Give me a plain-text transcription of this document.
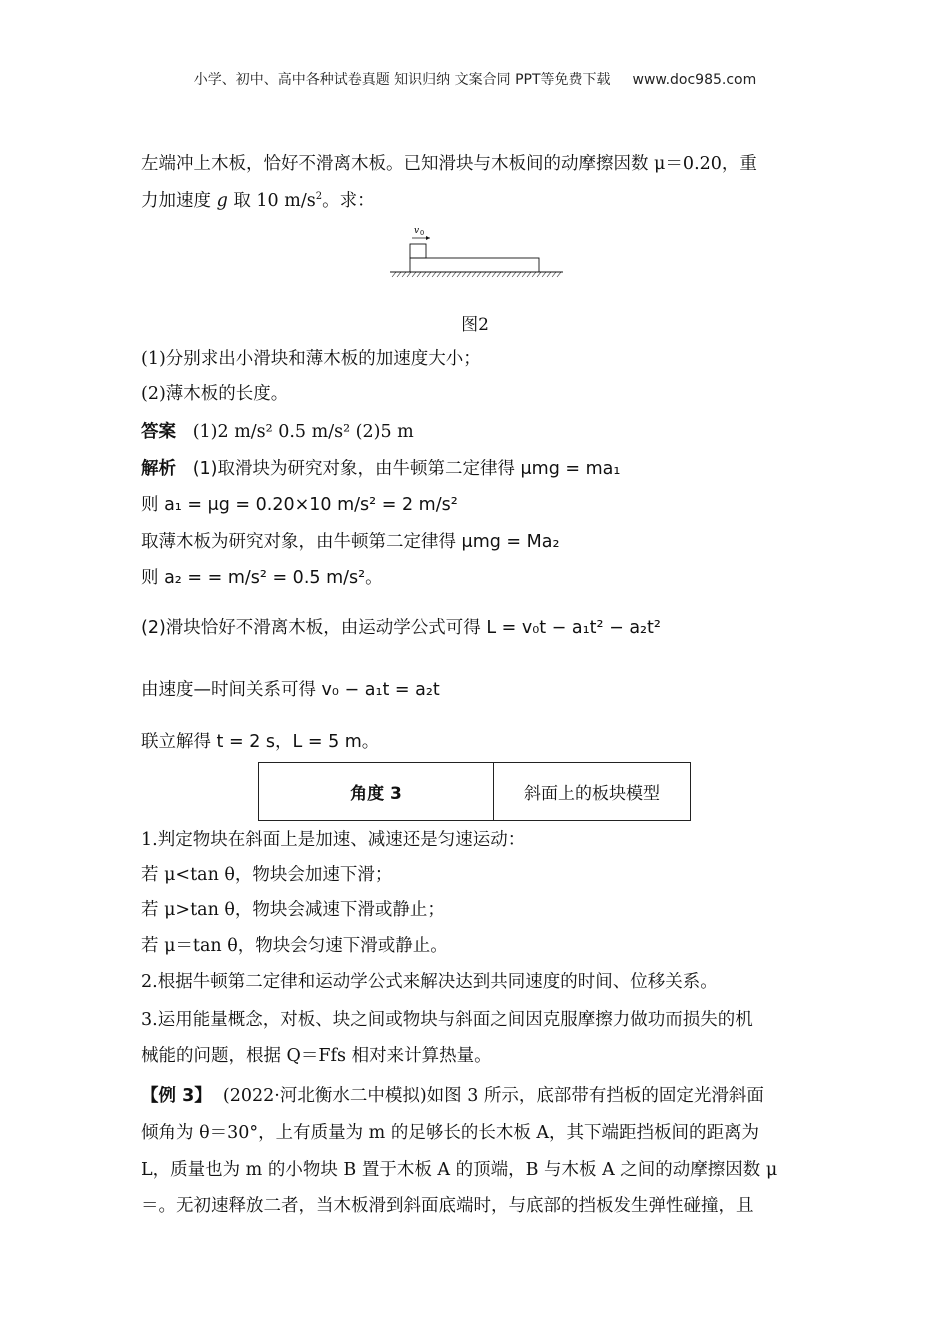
小学、初中、高中各种试卷真题 知识归纳 文案合同 PPT等免费下载 www.doc985.com
左端冲上木板，恰好不滑离木板。已知滑块与木板间的动摩擦因数 μ＝0.20，重
力加速度 g 取 10 $m/s^2$。求：
v 0
图2
(1)分别求出小滑块和薄木板的加速度大小；
(2)薄木板的长度。
答案 (1)2 m/s² 0.5 m/s² (2)5 m
解析 (1)取滑块为研究对象，由牛顿第二定律得 μmg = ma₁
则 a₁ = μg = 0.20×10 m/s² = 2 m/s²
取薄木板为研究对象，由牛顿第二定律得 μmg = Ma₂
则 a₂ = = m/s² = 0.5 m/s²。
(2)滑块恰好不滑离木板，由运动学公式可得 L = v₀t − a₁t² − a₂t²
由速度—时间关系可得 v₀ − a₁t = a₂t
联立解得 t = 2 s，L = 5 m。
角度 3	斜面上的板块模型
1.判定物块在斜面上是加速、减速还是匀速运动：
若 μ<tan θ，物块会加速下滑；
若 μ>tan θ，物块会减速下滑或静止；
若 μ＝tan θ，物块会匀速下滑或静止。
2.根据牛顿第二定律和运动学公式来解决达到共同速度的时间、位移关系。
3.运用能量概念，对板、块之间或物块与斜面之间因克服摩擦力做功而损失的机
械能的问题，根据 Q＝Ffs 相对来计算热量。
【例 3】 (2022·河北衡水二中模拟)如图 3 所示，底部带有挡板的固定光滑斜面
倾角为 θ＝30°，上有质量为 m 的足够长的长木板 A，其下端距挡板间的距离为
L，质量也为 m 的小物块 B 置于木板 A 的顶端，B 与木板 A 之间的动摩擦因数 μ
＝。无初速释放二者，当木板滑到斜面底端时，与底部的挡板发生弹性碰撞，且
